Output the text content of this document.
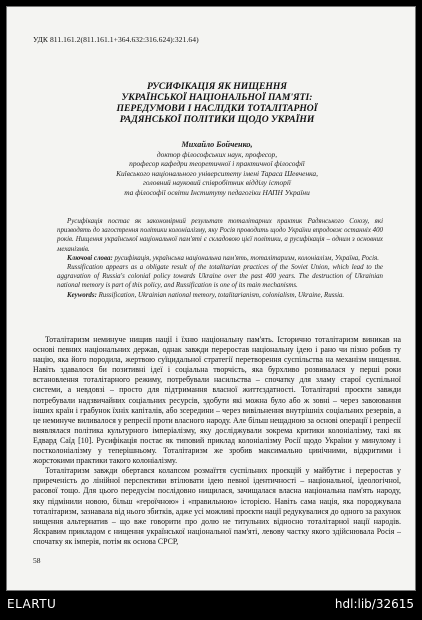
УДК 811.161.2(811.161.1+364.632:316.624):321.64)
РУСИФІКАЦІЯ ЯК НИЩЕННЯ
УКРАЇНСЬКОЇ НАЦІОНАЛЬНОЇ ПАМ'ЯТІ:
ПЕРЕДУМОВИ І НАСЛІДКИ ТОТАЛІТАРНОЇ
РАДЯНСЬКОЇ ПОЛІТИКИ ЩОДО УКРАЇНИ
Михайло Бойченко,
доктор філософських наук, професор,
професор кафедри теоретичної і практичної філософії
Київського національного університету імені Тараса Шевченка,
головний науковий співробітник відділу історії
та філософії освіти Інституту педагогіки НАПН України

Русифікація постає як закономірний результат тоталітарних практик Радянського Союзу, які призводять до загострення політики колоніалізму, яку Росія проводить щодо України впродовж останніх 400 років. Нищення української національної пам'яті є складовою цієї політики, а русифікація – одним з основних механізмів.

Ключові слова: русифікація, українська національна пам'ять, тоталітаризм, колоніалізм, Україна, Росія.

Russification appears as a obligate result of the totalitarian practices of the Soviet Union, which lead to the aggravation of Russia's colonial policy towards Ukraine over the past 400 years. The destruction of Ukrainian national memory is part of this policy, and Russification is one of its main mechanisms.

Keywords: Russification, Ukrainian national memory, totalitarianism, colonialism, Ukraine, Russia.

Тоталітаризм неминуче нищив нації і їхню національну пам'ять. Історично тоталітаризм виникав на основі певних національних держав, однак завжди переростав національну ідею і рано чи пізно робив ту націю, яка його породила, жертвою суїцидальної стратегії перетворення суспільства на механізм нищення. Навіть здавалося би позитивні ідеї і соціальна творчість, яка бурхливо розвивалася у перші роки встановлення тоталітарного режиму, потребували насильства – спочатку для зламу старої суспільної системи, а невдовзі – просто для підтримання власної життєздатності. Тоталітарні проєкти завжди потребували надзвичайних соціальних ресурсів, здобути які можна було або ж зовні – через завоювання інших країн і грабунок їхніх капіталів, або зсередини – через вивільнення внутрішніх соціальних резервів, а це неминуче виливалося у репресії проти власного народу. Але більш нещадною за основі операції і репресії виявлялася політика культурного імперіалізму, яку досліджували зокрема критики колоніалізму, такі як Едвард Саїд [10]. Русифікація постає як типовий приклад колоніалізму Росії щодо України у минулому і постколоніалізму у теперішньому. Тоталітаризм же зробив максимально цинічними, відкритими і жорстокими практики такого колоніалізму.

Тоталітаризм завжди обертався колапсом розмаїття суспільних проєкцій у майбутнє і переростав у приреченість до лінійної перспективи втілювати ідею певної ідентичності – національної, ідеологічної, расової тощо. Для цього передусім послідовно нищилася, зачищалася власна національна пам'ять народу, яку підмінили новою, більш «героїчною» і «правильною» історією. Навіть сама нація, яка породжувала тоталітаризм, зазнавала від нього збитків, адже усі можливі проєкти нації редукувалися до одного за рахунок нищення альтернатив – що вже говорити про долю не титульних відносно тоталітарної нації народів. Яскравим прикладом є нищення української національної пам'яті, левову частку якого здійснювала Росія – спочатку як імперія, потім як основа СРСР,

58
ELARTU	hdl:lib/32615
